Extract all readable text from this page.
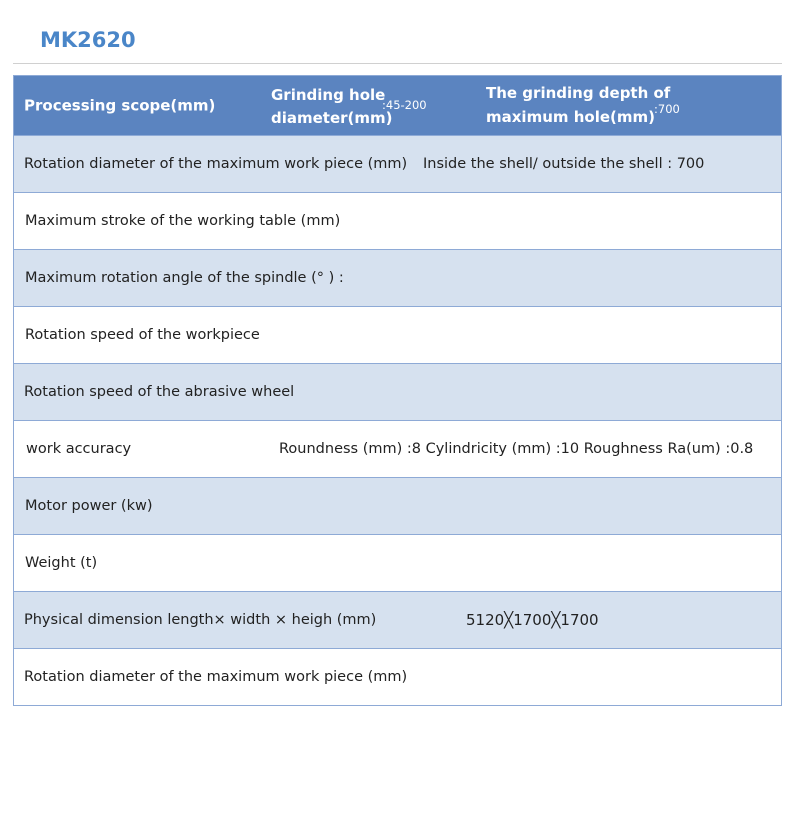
MK2620
Processing scope(mm)
Grinding hole
diameter(mm)
:45-200
The grinding depth of
maximum hole(mm) :700
Rotation diameter of the maximum work piece (mm) Inside the shell/ outside the shell : 700
Maximum stroke of the working table (mm)
Maximum rotation angle of the spindle (° ) :
Rotation speed of the workpiece
Rotation speed of the abrasive wheel
work accuracy	Roundness (mm) :8 Cylindricity (mm) :10 Roughness Ra(um) :0.8
Motor power (kw)
Weight (t)
Physical dimension length× width × heigh (mm)	5120╳1700╳1700
Rotation diameter of the maximum work piece (mm)
